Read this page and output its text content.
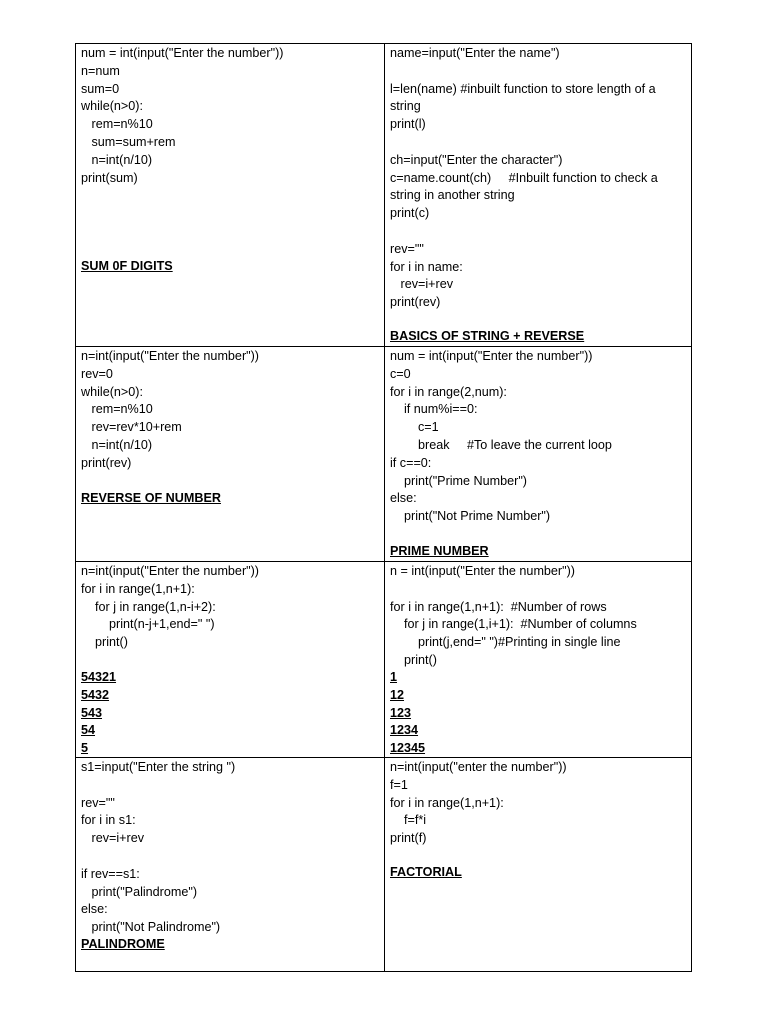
num = int(input("Enter the number"))
n=num
sum=0
while(n>0):
rem=n%10
sum=sum+rem
n=int(n/10)
print(sum)
SUM 0F DIGITS
name=input("Enter the name")

l=len(name) #inbuilt function to store length of a string
print(l)

ch=input("Enter the character")
c=name.count(ch)     #Inbuilt function to check a string in another string
print(c)

rev=""
for i in name:
rev=i+rev
print(rev)
BASICS OF STRING + REVERSE
n=int(input("Enter the number"))
rev=0
while(n>0):
rem=n%10
rev=rev*10+rem
n=int(n/10)
print(rev)
REVERSE OF NUMBER
num = int(input("Enter the number"))
c=0
for i in range(2,num):
if num%i==0:
c=1
break     #To leave the current loop
if c==0:
print("Prime Number")
else:
print("Not Prime Number")
PRIME NUMBER
n=int(input("Enter the number"))
for i in range(1,n+1):
for j in range(1,n-i+2):
print(n-j+1,end=" ")
print()
54321
5432
543
54
5
n = int(input("Enter the number"))

for i in range(1,n+1):  #Number of rows
for j in range(1,i+1):  #Number of columns
print(j,end=" ")#Printing in single line
print()
1
12
123
1234
12345
s1=input("Enter the string ")

rev=""
for i in s1:
rev=i+rev

if rev==s1:
print("Palindrome")
else:
print("Not Palindrome")
PALINDROME
n=int(input("enter the number"))
f=1
for i in range(1,n+1):
f=f*i
print(f)
FACTORIAL
